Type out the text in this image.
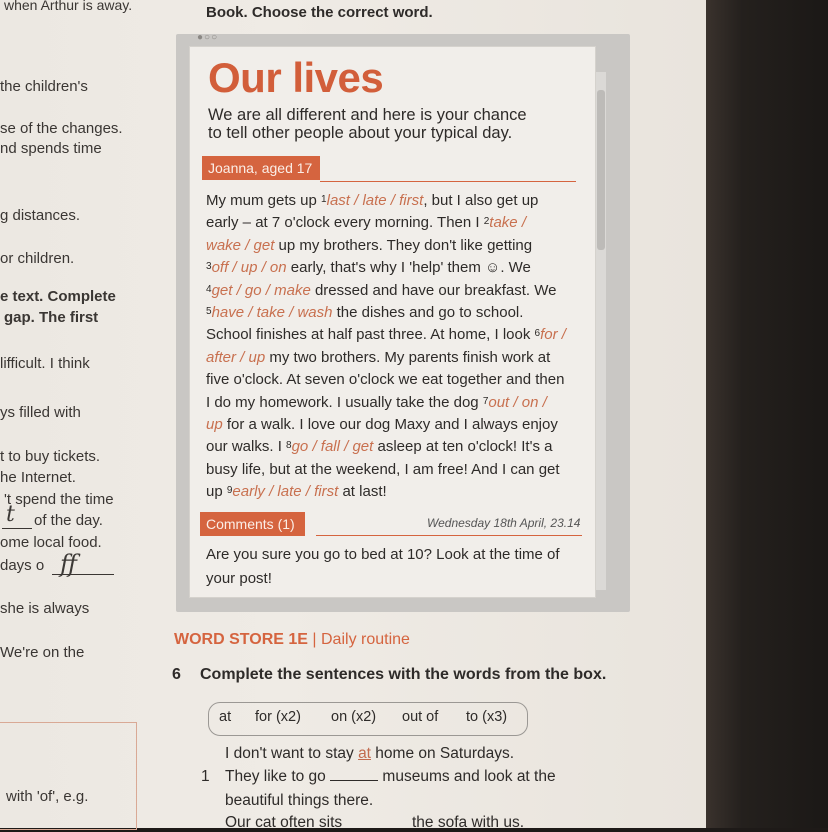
when Arthur is away.	Book. Choose the correct word.
the children's
se of the changes.
nd spends time
g distances.
or children.
e text. Complete
gap. The first
lifficult. I think
ys filled with
t to buy tickets.
he Internet.
't spend the time
of the day.
ome local food.
days o
she is always
We're on the
with 'of', e.g.
t
ff
●○○
Our lives
We are all different and here is your chance
to tell other people about your typical day.
Joanna, aged 17
My mum gets up $^1$last / late / first, but I also get up
early – at 7 o'clock every morning. Then I $^2$take /
wake / get up my brothers. They don't like getting
$^3$off / up / on early, that's why I 'help' them ☺. We
$^4$get / go / make dressed and have our breakfast. We
$^5$have / take / wash the dishes and go to school.
School finishes at half past three. At home, I look $^6$for /
after / up my two brothers. My parents finish work at
five o'clock. At seven o'clock we eat together and then
I do my homework. I usually take the dog $^7$out / on /
up for a walk. I love our dog Maxy and I always enjoy
our walks. I $^8$go / fall / get asleep at ten o'clock! It's a
busy life, but at the weekend, I am free! And I can get
up $^9$early / late / first at last!
Comments (1)	Wednesday 18th April, 23.14
Are you sure you go to bed at 10? Look at the time of
your post!
WORD STORE 1E | Daily routine
6 Complete the sentences with the words from the box.
at for (x2) on (x2) out of to (x3)
I don't want to stay at home on Saturdays.
1 They like to go	museums and look at the
beautiful things there.
Our cat often sits	the sofa with us.
